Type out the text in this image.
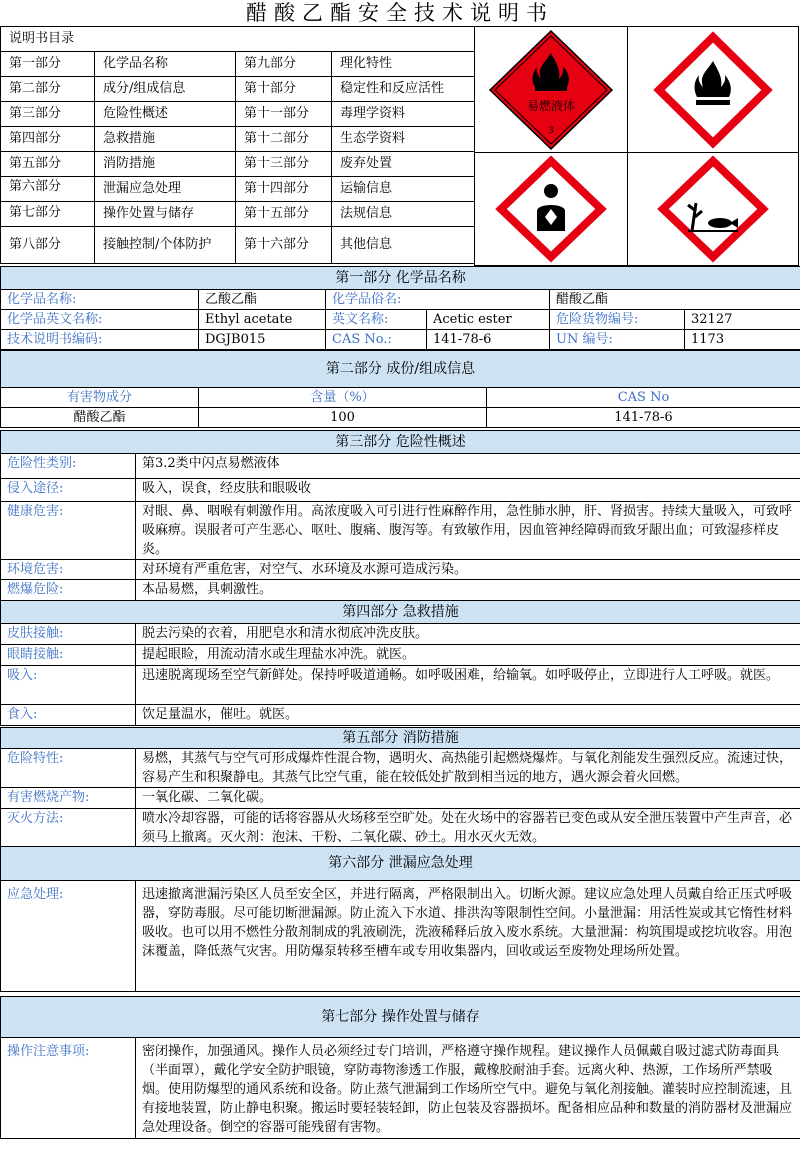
醋酸乙酯安全技术说明书
说明书目录			
第一部分	化学品名称	第九部分	理化特性
第二部分	成分/组成信息	第十部分	稳定性和反应活性
第三部分	危险性概述	第十一部分	毒理学资料
第四部分	急救措施	第十二部分	生态学资料
第五部分	消防措施	第十三部分	废弃处置
第六部分	泄漏应急处理	第十四部分	运输信息
第七部分	操作处置与储存	第十五部分	法规信息
第八部分	接触控制/个体防护	第十六部分	其他信息
易燃液体
3
第一部分 化学品名称					
化学品名称:	乙酸乙酯	化学品俗名:		醋酸乙酯	
化学品英文名称:	Ethyl acetate	英文名称:	Acetic ester	危险货物编号:	32127
技术说明书编码:	DGJB015	CAS No.:	141-78-6	UN 编号:	1173
第二部分 成份/组成信息		
有害物成分	含量（%）	CAS No
醋酸乙酯	100	141-78-6
第三部分 危险性概述	
危险性类别:	第3.2类中闪点易燃液体
侵入途径:	吸入，误食，经皮肤和眼吸收
健康危害:	对眼、鼻、咽喉有刺激作用。高浓度吸入可引进行性麻醉作用，急性肺水肿，肝、肾损害。持续大量吸入，可致呼吸麻痹。误服者可产生恶心、呕吐、腹痛、腹泻等。有致敏作用，因血管神经障碍而致牙龈出血；可致湿疹样皮炎。
环境危害:	对环境有严重危害，对空气、水环境及水源可造成污染。
燃爆危险:	本品易燃，具刺激性。
第四部分 急救措施	
皮肤接触:	脱去污染的衣着，用肥皂水和清水彻底冲洗皮肤。
眼睛接触:	提起眼睑，用流动清水或生理盐水冲洗。就医。
吸入:	迅速脱离现场至空气新鲜处。保持呼吸道通畅。如呼吸困难，给输氧。如呼吸停止，立即进行人工呼吸。就医。
食入:	饮足量温水，催吐。就医。
第五部分 消防措施	
危险特性:	易燃，其蒸气与空气可形成爆炸性混合物，遇明火、高热能引起燃烧爆炸。与氧化剂能发生强烈反应。流速过快，容易产生和积聚静电。其蒸气比空气重，能在较低处扩散到相当远的地方，遇火源会着火回燃。
有害燃烧产物:	一氧化碳、二氧化碳。
灭火方法:	喷水冷却容器，可能的话将容器从火场移至空旷处。处在火场中的容器若已变色或从安全泄压装置中产生声音，必须马上撤离。灭火剂：泡沫、干粉、二氧化碳、砂土。用水灭火无效。
第六部分 泄漏应急处理
应急处理:	迅速撤离泄漏污染区人员至安全区，并进行隔离，严格限制出入。切断火源。建议应急处理人员戴自给正压式呼吸器，穿防毒服。尽可能切断泄漏源。防止流入下水道、排洪沟等限制性空间。小量泄漏：用活性炭或其它惰性材料吸收。也可以用不燃性分散剂制成的乳液刷洗，洗液稀释后放入废水系统。大量泄漏：构筑围堤或挖坑收容。用泡沫覆盖，降低蒸气灾害。用防爆泵转移至槽车或专用收集器内，回收或运至废物处理场所处置。
第七部分 操作处置与储存
操作注意事项:	密闭操作，加强通风。操作人员必须经过专门培训，严格遵守操作规程。建议操作人员佩戴自吸过滤式防毒面具（半面罩），戴化学安全防护眼镜，穿防毒物渗透工作服，戴橡胶耐油手套。远离火种、热源，工作场所严禁吸烟。使用防爆型的通风系统和设备。防止蒸气泄漏到工作场所空气中。避免与氧化剂接触。灌装时应控制流速，且有接地装置，防止静电积聚。搬运时要轻装轻卸，防止包装及容器损坏。配备相应品种和数量的消防器材及泄漏应急处理设备。倒空的容器可能残留有害物。
